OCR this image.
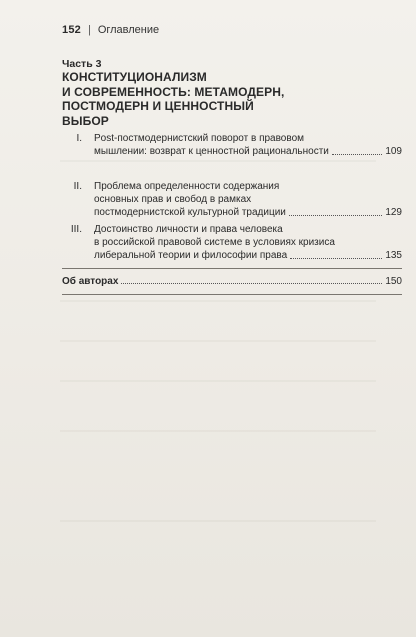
152 | Оглавление
Часть 3
КОНСТИТУЦИОНАЛИЗМ
И СОВРЕМЕННОСТЬ: МЕТАМОДЕРН,
ПОСТМОДЕРН И ЦЕННОСТНЫЙ
ВЫБОР
I. Post-постмодернистский поворот в правовом
мышлении: возврат к ценностной рациональности	109
II. Проблема определенности содержания
основных прав и свобод в рамках
постмодернистской культурной традиции	129
III. Достоинство личности и права человека
в российской правовой системе в условиях кризиса
либеральной теории и философии права	135
Об авторах	150
